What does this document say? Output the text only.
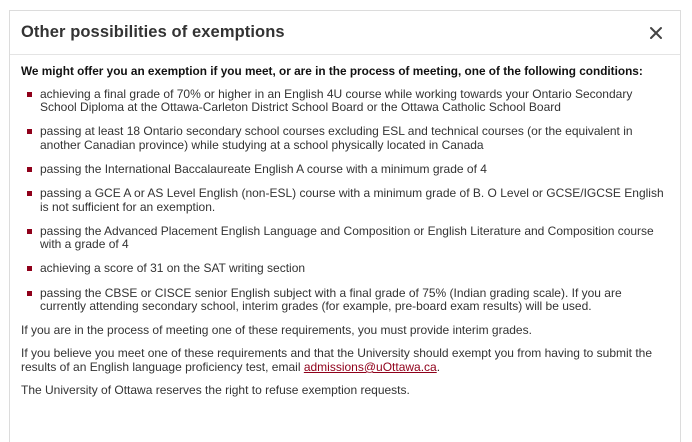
Other possibilities of exemptions

We might offer you an exemption if you meet, or are in the process of meeting, one of the following conditions:

achieving a final grade of 70% or higher in an English 4U course while working towards your Ontario Secondary School Diploma at the Ottawa-Carleton District School Board or the Ottawa Catholic School Board
passing at least 18 Ontario secondary school courses excluding ESL and technical courses (or the equivalent in another Canadian province) while studying at a school physically located in Canada
passing the International Baccalaureate English A course with a minimum grade of 4
passing a GCE A or AS Level English (non-ESL) course with a minimum grade of B. O Level or GCSE/IGCSE English is not sufficient for an exemption.
passing the Advanced Placement English Language and Composition or English Literature and Composition course with a grade of 4
achieving a score of 31 on the SAT writing section
passing the CBSE or CISCE senior English subject with a final grade of 75% (Indian grading scale). If you are currently attending secondary school, interim grades (for example, pre-board exam results) will be used.

If you are in the process of meeting one of these requirements, you must provide interim grades.

If you believe you meet one of these requirements and that the University should exempt you from having to submit the results of an English language proficiency test, email admissions@uOttawa.ca.

The University of Ottawa reserves the right to refuse exemption requests.
